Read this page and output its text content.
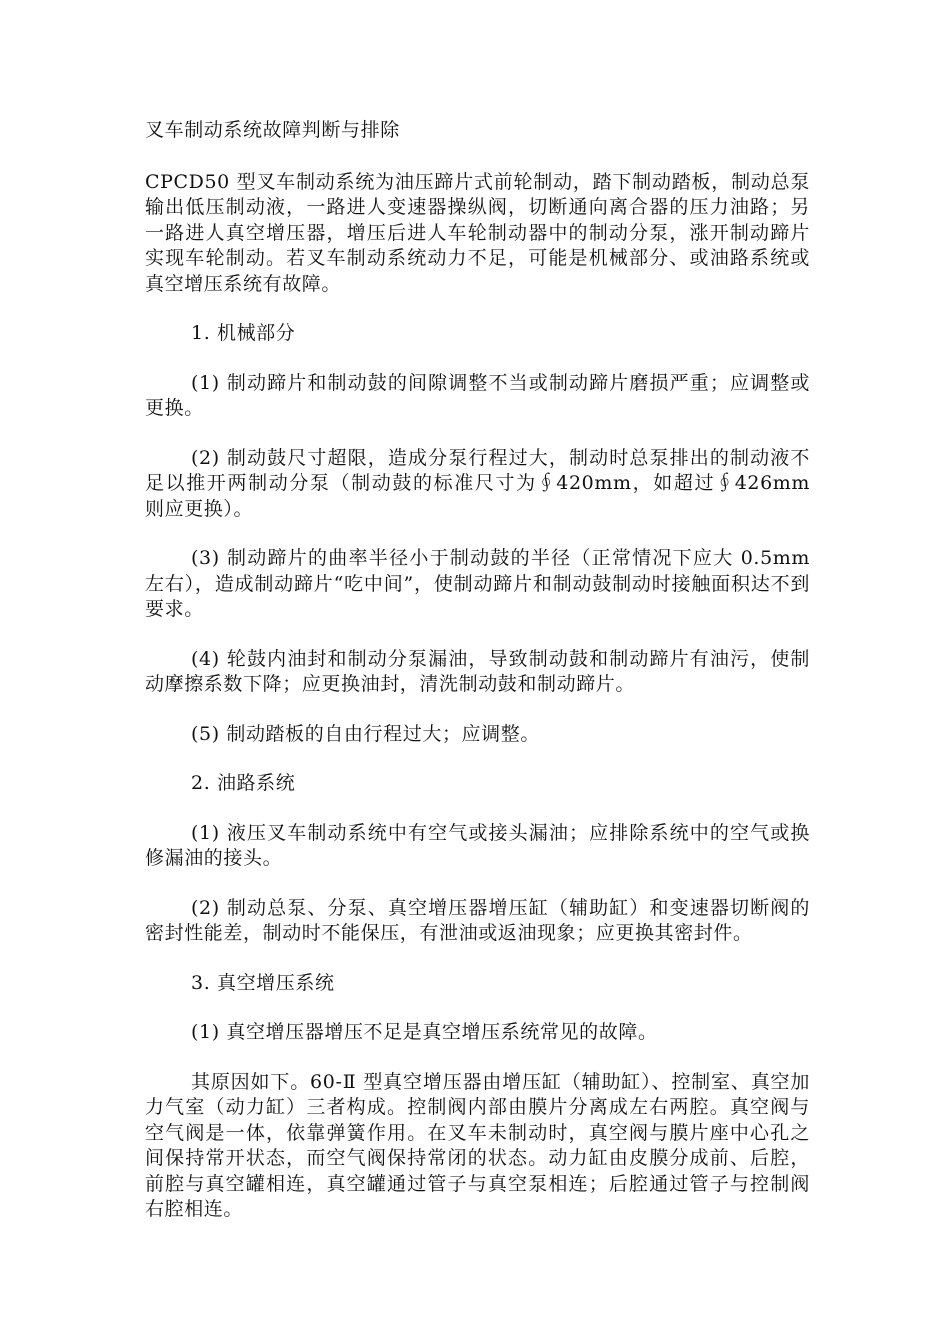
叉车制动系统故障判断与排除
CPCD50 型叉车制动系统为油压蹄片式前轮制动，踏下制动踏板，制动总泵输出低压制动液，一路进人变速器操纵阀，切断通向离合器的压力油路；另一路进人真空增压器，增压后进人车轮制动器中的制动分泵，涨开制动蹄片实现车轮制动。若叉车制动系统动力不足，可能是机械部分、或油路系统或真空增压系统有故障。
1. 机械部分
(1) 制动蹄片和制动鼓的间隙调整不当或制动蹄片磨损严重；应调整或更换。
(2) 制动鼓尺寸超限，造成分泵行程过大，制动时总泵排出的制动液不足以推开两制动分泵（制动鼓的标准尺寸为∮420mm，如超过∮426mm 则应更换）。
(3) 制动蹄片的曲率半径小于制动鼓的半径（正常情况下应大 0.5mm 左右），造成制动蹄片“吃中间”，使制动蹄片和制动鼓制动时接触面积达不到要求。
(4) 轮鼓内油封和制动分泵漏油，导致制动鼓和制动蹄片有油污，使制动摩擦系数下降；应更换油封，清洗制动鼓和制动蹄片。
(5) 制动踏板的自由行程过大；应调整。
2. 油路系统
(1) 液压叉车制动系统中有空气或接头漏油；应排除系统中的空气或换修漏油的接头。
(2) 制动总泵、分泵、真空增压器增压缸（辅助缸）和变速器切断阀的密封性能差，制动时不能保压，有泄油或返油现象；应更换其密封件。
3. 真空增压系统
(1) 真空增压器增压不足是真空增压系统常见的故障。
其原因如下。60-Ⅱ 型真空增压器由增压缸（辅助缸）、控制室、真空加力气室（动力缸）三者构成。控制阀内部由膜片分离成左右两腔。真空阀与空气阀是一体，依靠弹簧作用。在叉车未制动时，真空阀与膜片座中心孔之间保持常开状态，而空气阀保持常闭的状态。动力缸由皮膜分成前、后腔，前腔与真空罐相连，真空罐通过管子与真空泵相连；后腔通过管子与控制阀右腔相连。
